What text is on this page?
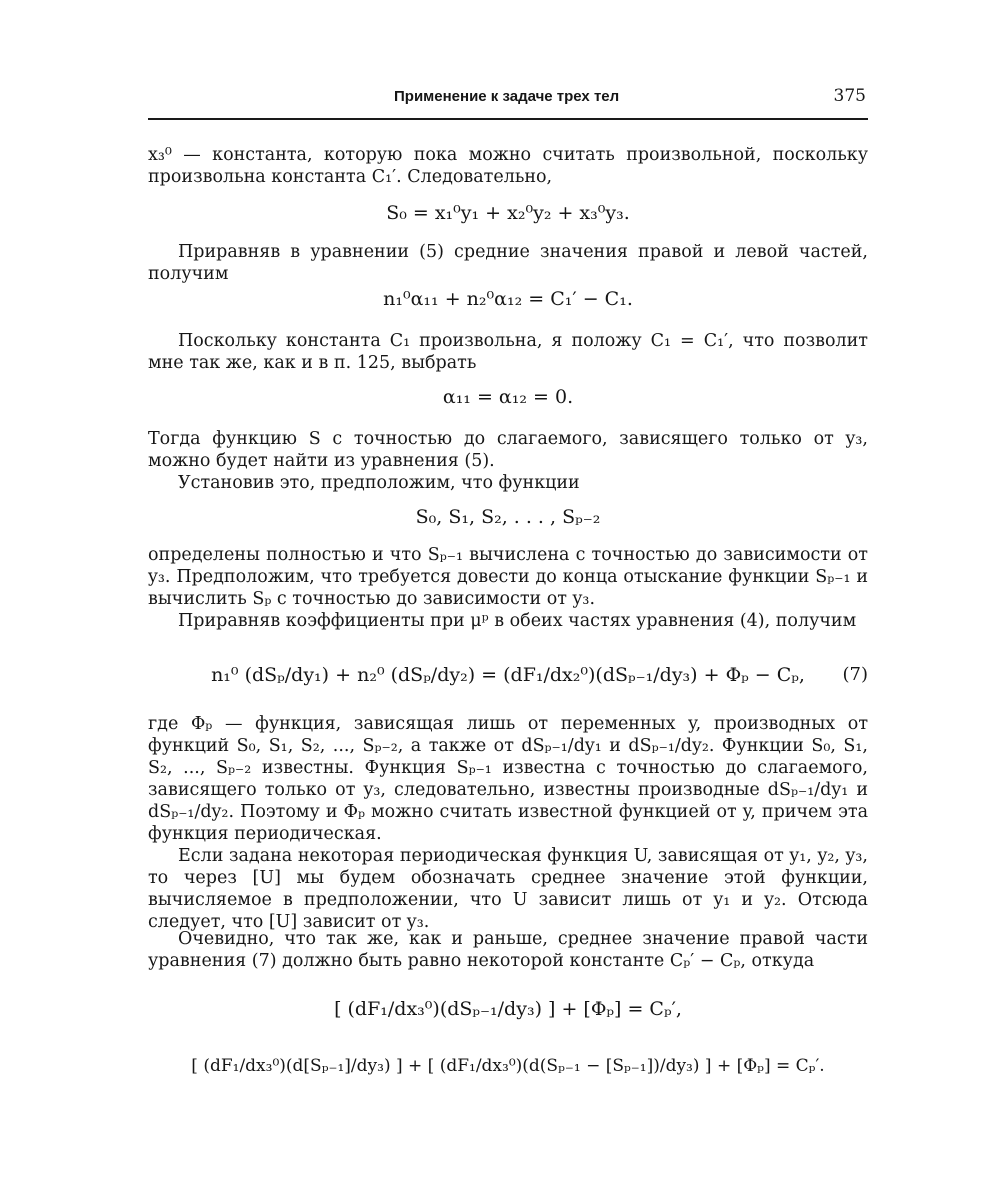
Применение к задаче трех тел	375

x₃⁰ — константа, которую пока можно считать произвольной, поскольку произвольна константа C₁′. Следовательно,

S₀ = x₁⁰y₁ + x₂⁰y₂ + x₃⁰y₃.

Приравняв в уравнении (5) средние значения правой и левой частей, получим

n₁⁰α₁₁ + n₂⁰α₁₂ = C₁′ − C₁.

Поскольку константа C₁ произвольна, я положу C₁ = C₁′, что позволит мне так же, как и в п. 125, выбрать

α₁₁ = α₁₂ = 0.

Тогда функцию S с точностью до слагаемого, зависящего только от y₃, можно будет найти из уравнения (5).

Установив это, предположим, что функции

S₀, S₁, S₂, . . . , Sₚ₋₂

определены полностью и что Sₚ₋₁ вычислена с точностью до зависимости от y₃. Предположим, что требуется довести до конца отыскание функции Sₚ₋₁ и вычислить Sₚ с точностью до зависимости от y₃.

Приравняв коэффициенты при μᵖ в обеих частях уравнения (4), получим

n₁⁰ (dSₚ/dy₁) + n₂⁰ (dSₚ/dy₂) = (dF₁/dx₂⁰)(dSₚ₋₁/dy₃) + Φₚ − Cₚ, (7)

где Φₚ — функция, зависящая лишь от переменных y, производных от функций S₀, S₁, S₂, ..., Sₚ₋₂, а также от dSₚ₋₁/dy₁ и dSₚ₋₁/dy₂. Функции S₀, S₁, S₂, ..., Sₚ₋₂ известны. Функция Sₚ₋₁ известна с точностью до слагаемого, зависящего только от y₃, следовательно, известны производные dSₚ₋₁/dy₁ и dSₚ₋₁/dy₂. Поэтому и Φₚ можно считать известной функцией от y, причем эта функция периодическая.

Если задана некоторая периодическая функция U, зависящая от y₁, y₂, y₃, то через [U] мы будем обозначать среднее значение этой функции, вычисляемое в предположении, что U зависит лишь от y₁ и y₂. Отсюда следует, что [U] зависит от y₃.

Очевидно, что так же, как и раньше, среднее значение правой части уравнения (7) должно быть равно некоторой константе Cₚ′ − Cₚ, откуда

[ (dF₁/dx₃⁰)(dSₚ₋₁/dy₃) ] + [Φₚ] = Cₚ′,
[ (dF₁/dx₃⁰)(d[Sₚ₋₁]/dy₃) ] + [ (dF₁/dx₃⁰)(d(Sₚ₋₁ − [Sₚ₋₁])/dy₃) ] + [Φₚ] = Cₚ′.
